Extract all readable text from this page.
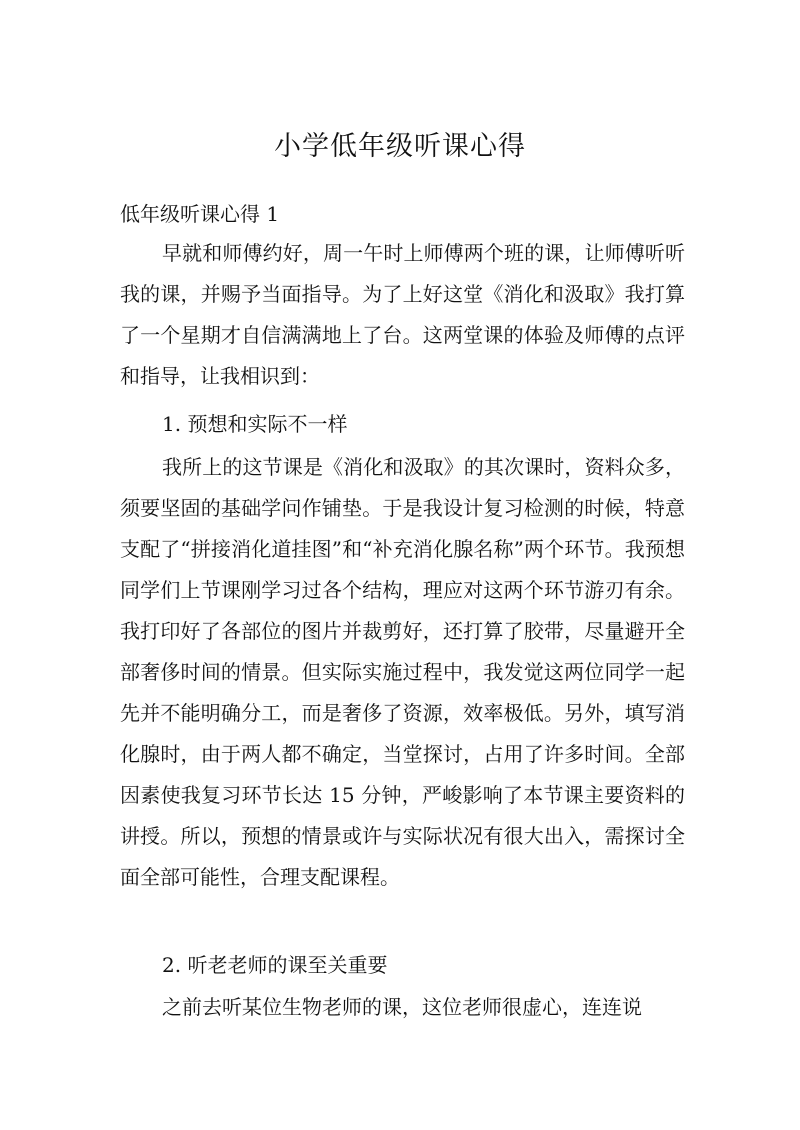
小学低年级听课心得

低年级听课心得 1

早就和师傅约好，周一午时上师傅两个班的课，让师傅听听我的课，并赐予当面指导。为了上好这堂《消化和汲取》我打算了一个星期才自信满满地上了台。这两堂课的体验及师傅的点评和指导，让我相识到：

1. 预想和实际不一样

我所上的这节课是《消化和汲取》的其次课时，资料众多，须要坚固的基础学问作铺垫。于是我设计复习检测的时候，特意支配了“拼接消化道挂图”和“补充消化腺名称”两个环节。我预想同学们上节课刚学习过各个结构，理应对这两个环节游刃有余。我打印好了各部位的图片并裁剪好，还打算了胶带，尽量避开全部奢侈时间的情景。但实际实施过程中，我发觉这两位同学一起先并不能明确分工，而是奢侈了资源，效率极低。另外，填写消化腺时，由于两人都不确定，当堂探讨，占用了许多时间。全部因素使我复习环节长达 15 分钟，严峻影响了本节课主要资料的讲授。所以，预想的情景或许与实际状况有很大出入，需探讨全面全部可能性，合理支配课程。

2. 听老老师的课至关重要

之前去听某位生物老师的课，这位老师很虚心，连连说
